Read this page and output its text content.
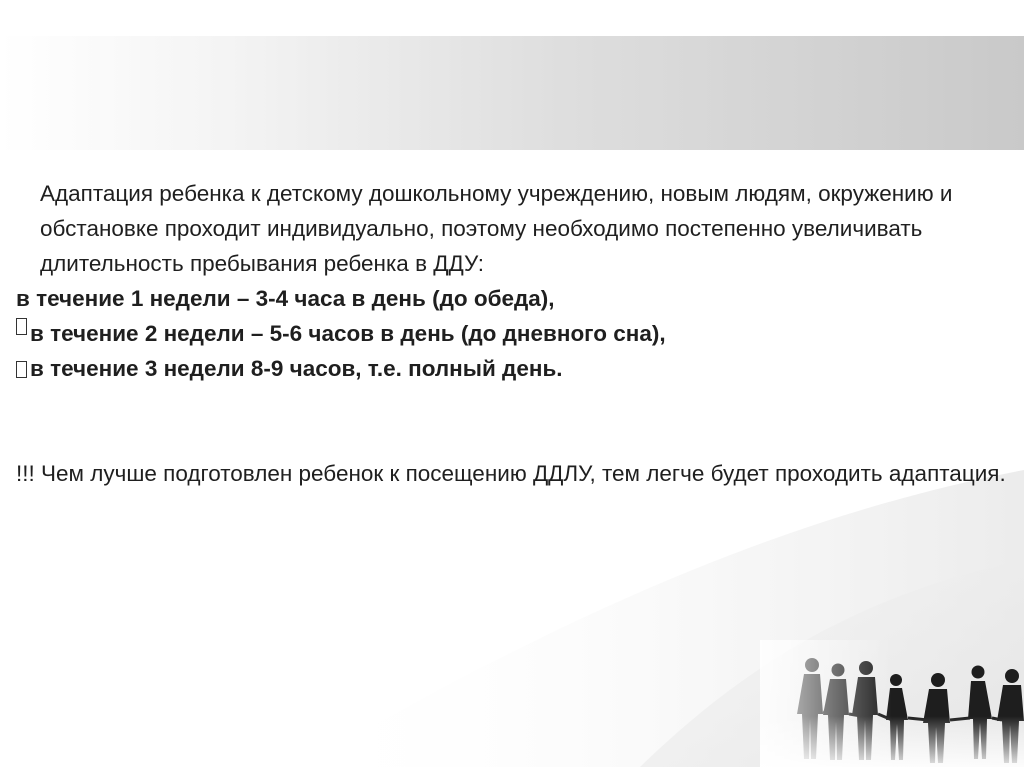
Адаптация ребенка к детскому дошкольному учреждению, новым людям, окружению и обстановке проходит индивидуально, поэтому необходимо постепенно увеличивать длительность пребывания ребенка в ДДУ:

в течение 1 недели – 3-4 часа в день (до обеда),
в течение 2 недели – 5-6 часов в день (до дневного сна),
в течение 3 недели 8-9 часов, т.е. полный день.

!!! Чем лучше подготовлен ребенок к посещению ДДЛУ, тем легче будет проходить адаптация.
